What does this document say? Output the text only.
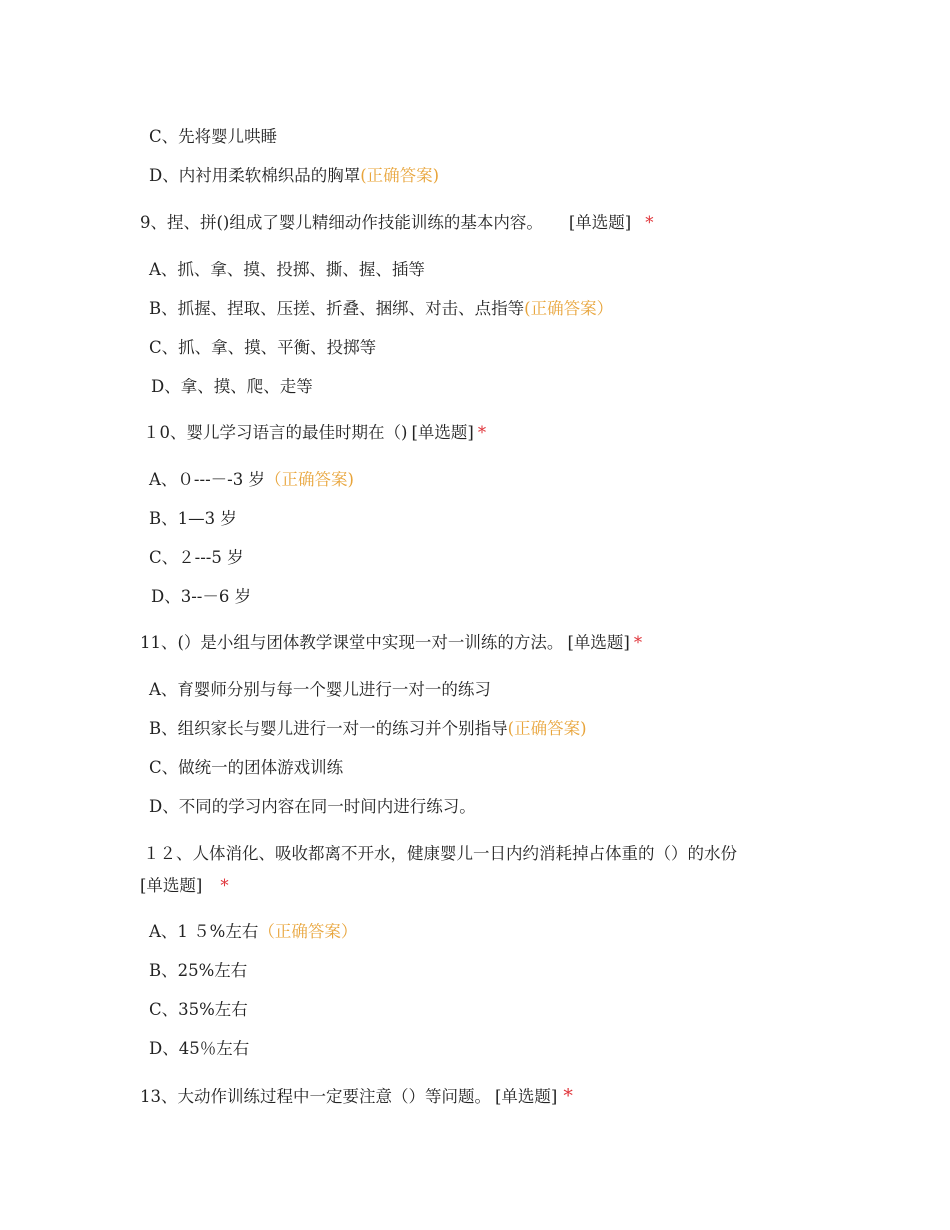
C、先将婴儿哄睡
D、内衬用柔软棉织品的胸罩(正确答案)
9、捏、拼()组成了婴儿精细动作技能训练的基本内容。 [单选题] *
A、抓、拿、摸、投掷、撕、握、插等
B、抓握、捏取、压搓、折叠、捆绑、对击、点指等(正确答案）
C、抓、拿、摸、平衡、投掷等
D、拿、摸、爬、走等
１0、婴儿学习语言的最佳时期在（) [单选题] *
A、０---－-3 岁（正确答案)
B、1—3 岁
C、２---5 岁
D、3--－6 岁
11、(）是小组与团体教学课堂中实现一对一训练的方法。 [单选题] *
A、育婴师分别与每一个婴儿进行一对一的练习
B、组织家长与婴儿进行一对一的练习并个别指导(正确答案)
C、做统一的团体游戏训练
D、不同的学习内容在同一时间内进行练习。
１２、人体消化、吸收都离不开水，健康婴儿一日内约消耗掉占体重的（）的水份
[单选题] *
A、1 ５%左右（正确答案）
B、25%左右
C、35%左右
D、45％左右
13、大动作训练过程中一定要注意（）等问题。 [单选题] *
